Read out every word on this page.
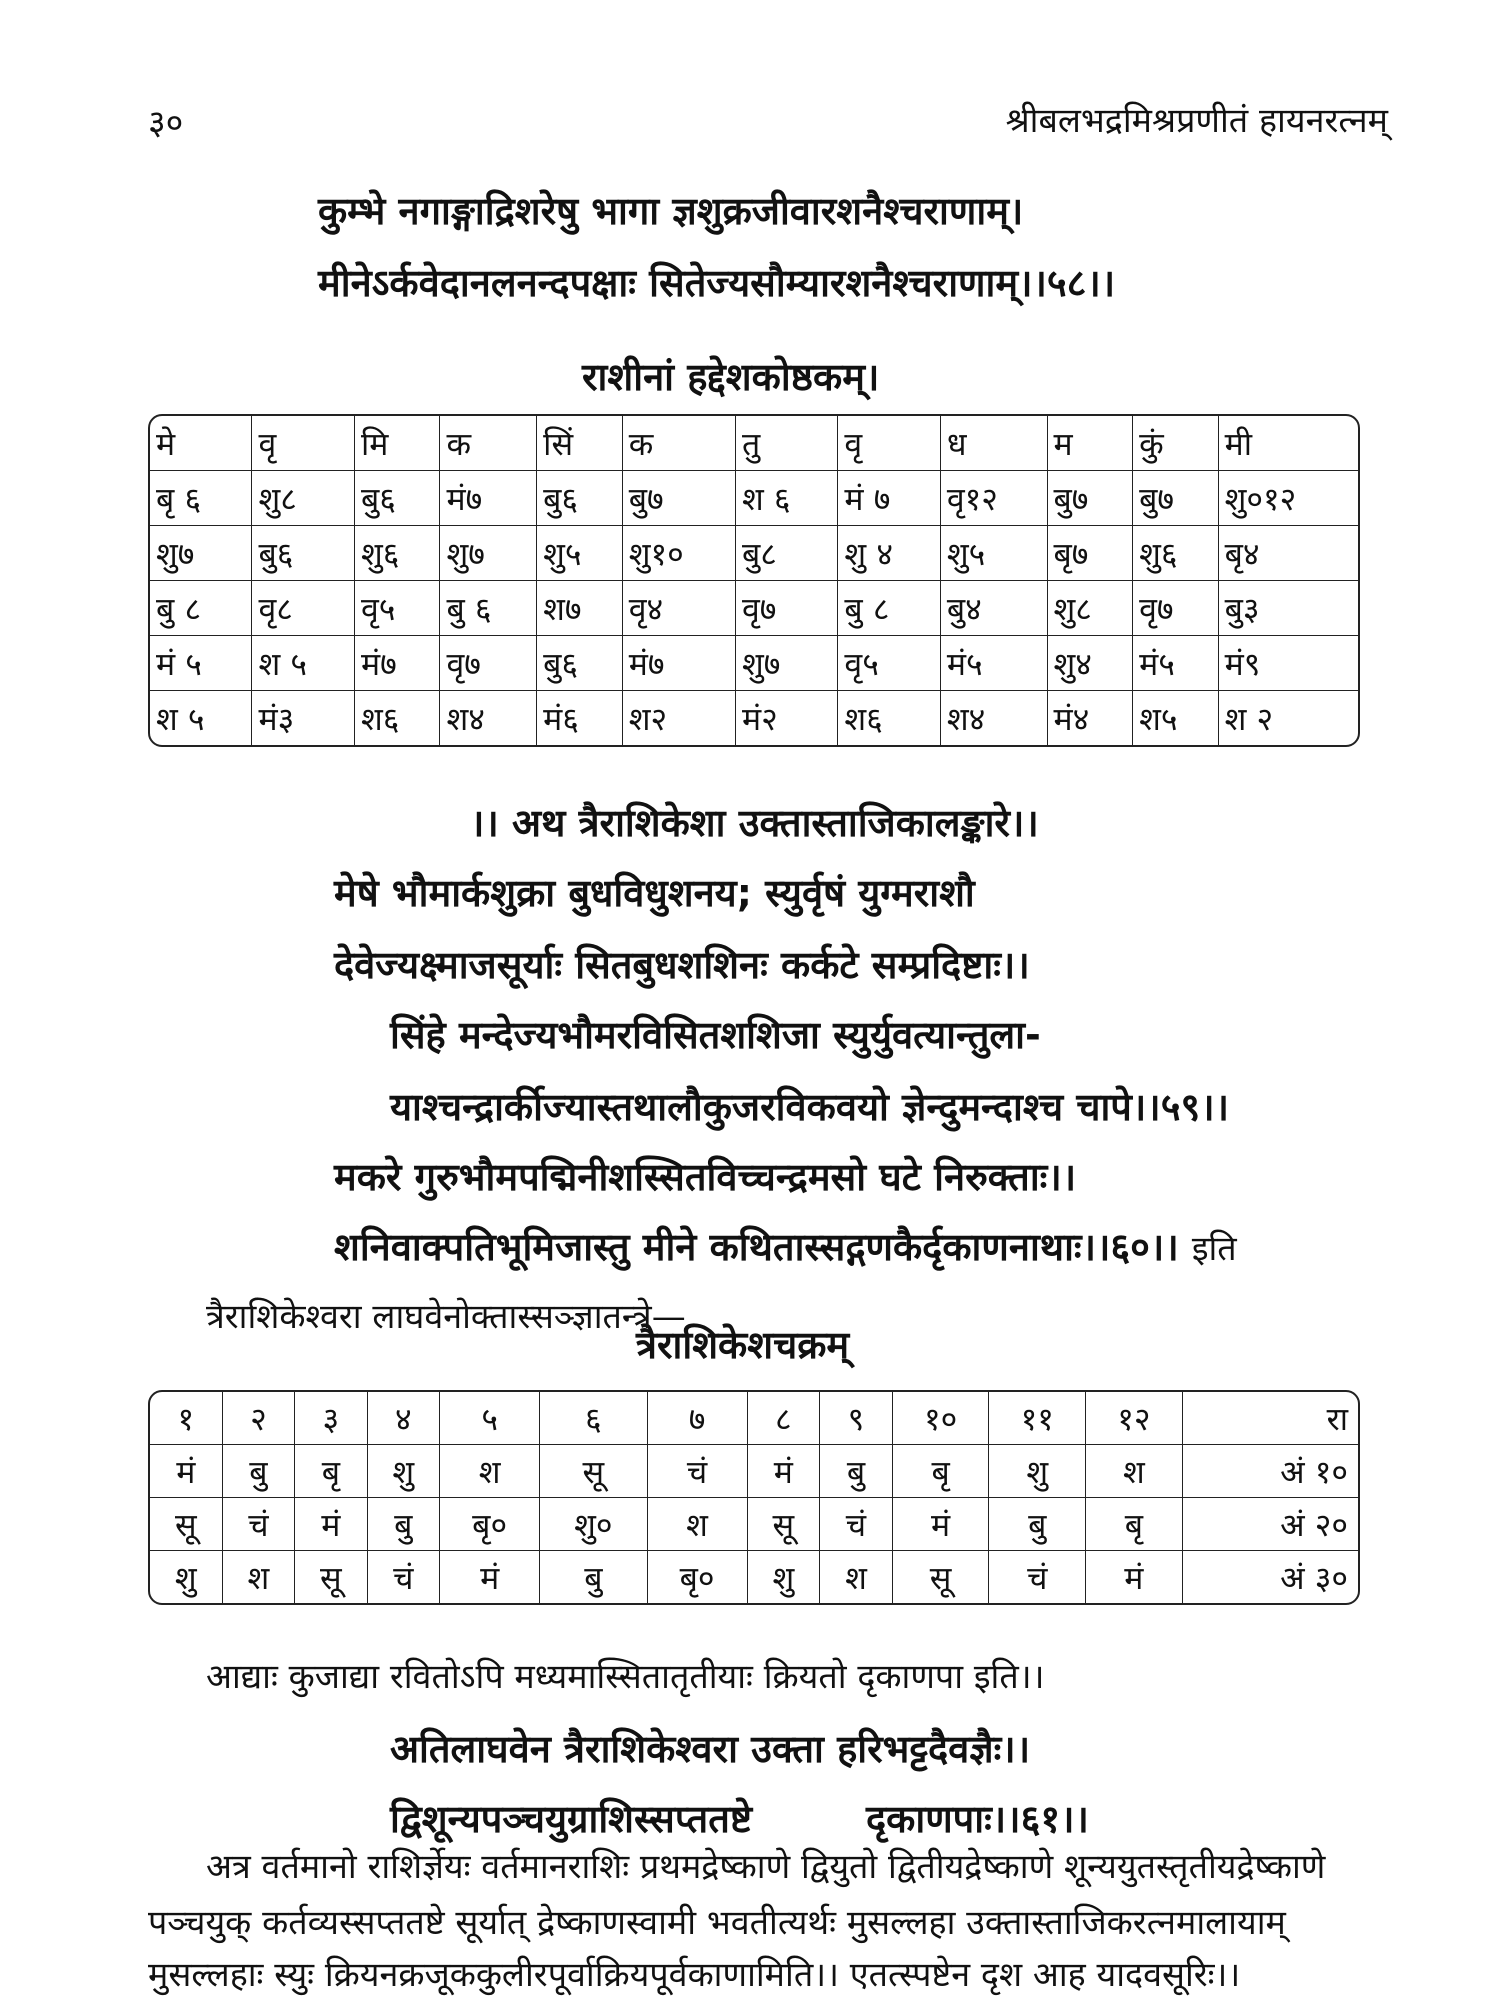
३०	श्रीबलभद्रमिश्रप्रणीतं हायनरत्नम्
कुम्भे नगाङ्गाद्रिशरेषु भागा ज्ञशुक्रजीवारशनैश्चराणाम्।
मीनेऽर्कवेदानलनन्दपक्षाः सितेज्यसौम्यारशनैश्चराणाम्।।५८।।
राशीनां हद्देशकोष्ठकम्।
मे	वृ	मि	क	सिं	क	तु	वृ	ध	म	कुं	मी
बृ ६	शु८	बु६	मं७	बु६	बु७	श ६	मं ७	वृ१२	बु७	बु७	शु०१२
शु७	बु६	शु६	शु७	शु५	शु१०	बु८	शु ४	शु५	बृ७	शु६	बृ४
बु ८	वृ८	वृ५	बु ६	श७	वृ४	वृ७	बु ८	बु४	शु८	वृ७	बु३
मं ५	श ५	मं७	वृ७	बु६	मं७	शु७	वृ५	मं५	शु४	मं५	मं९
श ५	मं३	श६	श४	मं६	श२	मं२	श६	श४	मं४	श५	श २
।। अथ त्रैराशिकेशा उक्तास्ताजिकालङ्कारे।।
मेषे भौमार्कशुक्रा बुधविधुशनय; स्युर्वृषं युग्मराशौ
देवेज्यक्ष्माजसूर्याः सितबुधशशिनः कर्कटे सम्प्रदिष्टाः।।
सिंहे मन्देज्यभौमरविसितशशिजा स्युर्युवत्यान्तुला-
याश्चन्द्रार्कीज्यास्तथालौकुजरविकवयो ज्ञेन्दुमन्दाश्च चापे।।५९।।
मकरे गुरुभौमपद्मिनीशस्सितविच्चन्द्रमसो घटे निरुक्ताः।।
शनिवाक्पतिभूमिजास्तु मीने कथितास्सद्गणकैर्दृकाणनाथाः।।६०।। इति
त्रैराशिकेश्वरा लाघवेनोक्तास्सञ्ज्ञातन्त्रे—
त्रैराशिकेशचक्रम्
१	२	३	४	५	६	७	८	९	१०	११	१२	रा
मं	बु	बृ	शु	श	सू	चं	मं	बु	बृ	शु	श	अं १०
सू	चं	मं	बु	बृ०	शु०	श	सू	चं	मं	बु	बृ	अं २०
शु	श	सू	चं	मं	बु	बृ०	शु	श	सू	चं	मं	अं ३०
आद्याः कुजाद्या रवितोऽपि मध्यमास्सितातृतीयाः क्रियतो दृकाणपा इति।।
अतिलाघवेन त्रैराशिकेश्वरा उक्ता हरिभट्टदैवज्ञैः।।
द्विशून्यपञ्चयुग्राशिस्सप्ततष्टे	दृकाणपाः।।६१।।
अत्र वर्तमानो राशिर्ज्ञेयः वर्तमानराशिः प्रथमद्रेष्काणे द्वियुतो द्वितीयद्रेष्काणे शून्ययुतस्तृतीयद्रेष्काणे
पञ्चयुक् कर्तव्यस्सप्ततष्टे सूर्यात् द्रेष्काणस्वामी भवतीत्यर्थः मुसल्लहा उक्तास्ताजिकरत्नमालायाम्
मुसल्लहाः स्युः क्रियनक्रजूककुलीरपूर्वाक्रियपूर्वकाणामिति।। एतत्स्पष्टेन दृश आह यादवसूरिः।।
